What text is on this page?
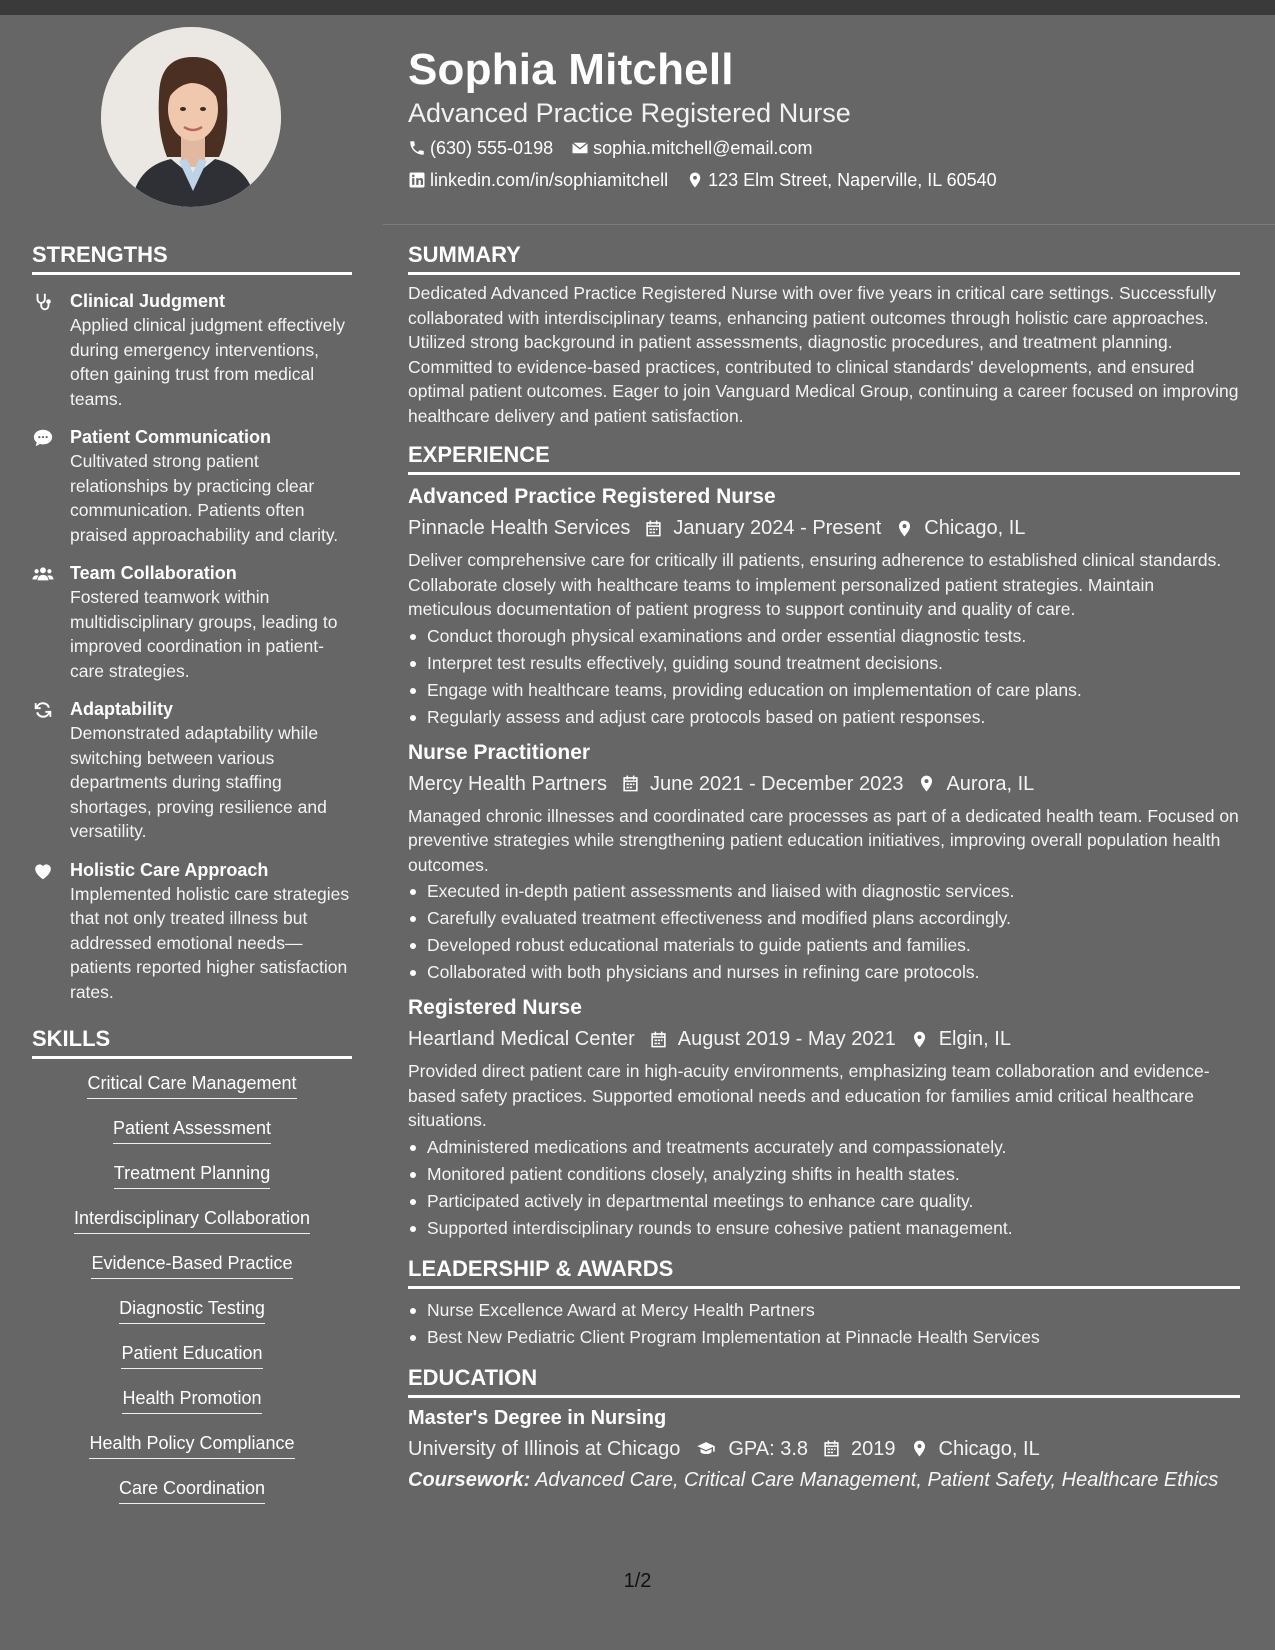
Sophia Mitchell
Advanced Practice Registered Nurse
(630) 555-0198 sophia.mitchell@email.com
linkedin.com/in/sophiamitchell 123 Elm Street, Naperville, IL 60540
STRENGTHS
Clinical Judgment
Applied clinical judgment effectively during emergency interventions, often gaining trust from medical teams.
Patient Communication
Cultivated strong patient relationships by practicing clear communication. Patients often praised approachability and clarity.
Team Collaboration
Fostered teamwork within multidisciplinary groups, leading to improved coordination in patient-care strategies.
Adaptability
Demonstrated adaptability while switching between various departments during staffing shortages, proving resilience and versatility.
Holistic Care Approach
Implemented holistic care strategies that not only treated illness but addressed emotional needs—patients reported higher satisfaction rates.
SKILLS
Critical Care Management
Patient Assessment
Treatment Planning
Interdisciplinary Collaboration
Evidence-Based Practice
Diagnostic Testing
Patient Education
Health Promotion
Health Policy Compliance
Care Coordination
SUMMARY
Dedicated Advanced Practice Registered Nurse with over five years in critical care settings. Successfully collaborated with interdisciplinary teams, enhancing patient outcomes through holistic care approaches. Utilized strong background in patient assessments, diagnostic procedures, and treatment planning. Committed to evidence-based practices, contributed to clinical standards' developments, and ensured optimal patient outcomes. Eager to join Vanguard Medical Group, continuing a career focused on improving healthcare delivery and patient satisfaction.
EXPERIENCE
Advanced Practice Registered Nurse
Pinnacle Health Services January 2024 - Present Chicago, IL
Deliver comprehensive care for critically ill patients, ensuring adherence to established clinical standards. Collaborate closely with healthcare teams to implement personalized patient strategies. Maintain meticulous documentation of patient progress to support continuity and quality of care.
Conduct thorough physical examinations and order essential diagnostic tests.
Interpret test results effectively, guiding sound treatment decisions.
Engage with healthcare teams, providing education on implementation of care plans.
Regularly assess and adjust care protocols based on patient responses.
Nurse Practitioner
Mercy Health Partners June 2021 - December 2023 Aurora, IL
Managed chronic illnesses and coordinated care processes as part of a dedicated health team. Focused on preventive strategies while strengthening patient education initiatives, improving overall population health outcomes.
Executed in-depth patient assessments and liaised with diagnostic services.
Carefully evaluated treatment effectiveness and modified plans accordingly.
Developed robust educational materials to guide patients and families.
Collaborated with both physicians and nurses in refining care protocols.
Registered Nurse
Heartland Medical Center August 2019 - May 2021 Elgin, IL
Provided direct patient care in high-acuity environments, emphasizing team collaboration and evidence-based safety practices. Supported emotional needs and education for families amid critical healthcare situations.
Administered medications and treatments accurately and compassionately.
Monitored patient conditions closely, analyzing shifts in health states.
Participated actively in departmental meetings to enhance care quality.
Supported interdisciplinary rounds to ensure cohesive patient management.
LEADERSHIP & AWARDS
Nurse Excellence Award at Mercy Health Partners
Best New Pediatric Client Program Implementation at Pinnacle Health Services
EDUCATION
Master's Degree in Nursing
University of Illinois at Chicago GPA: 3.8 2019 Chicago, IL
Coursework: Advanced Care, Critical Care Management, Patient Safety, Healthcare Ethics
1/2
